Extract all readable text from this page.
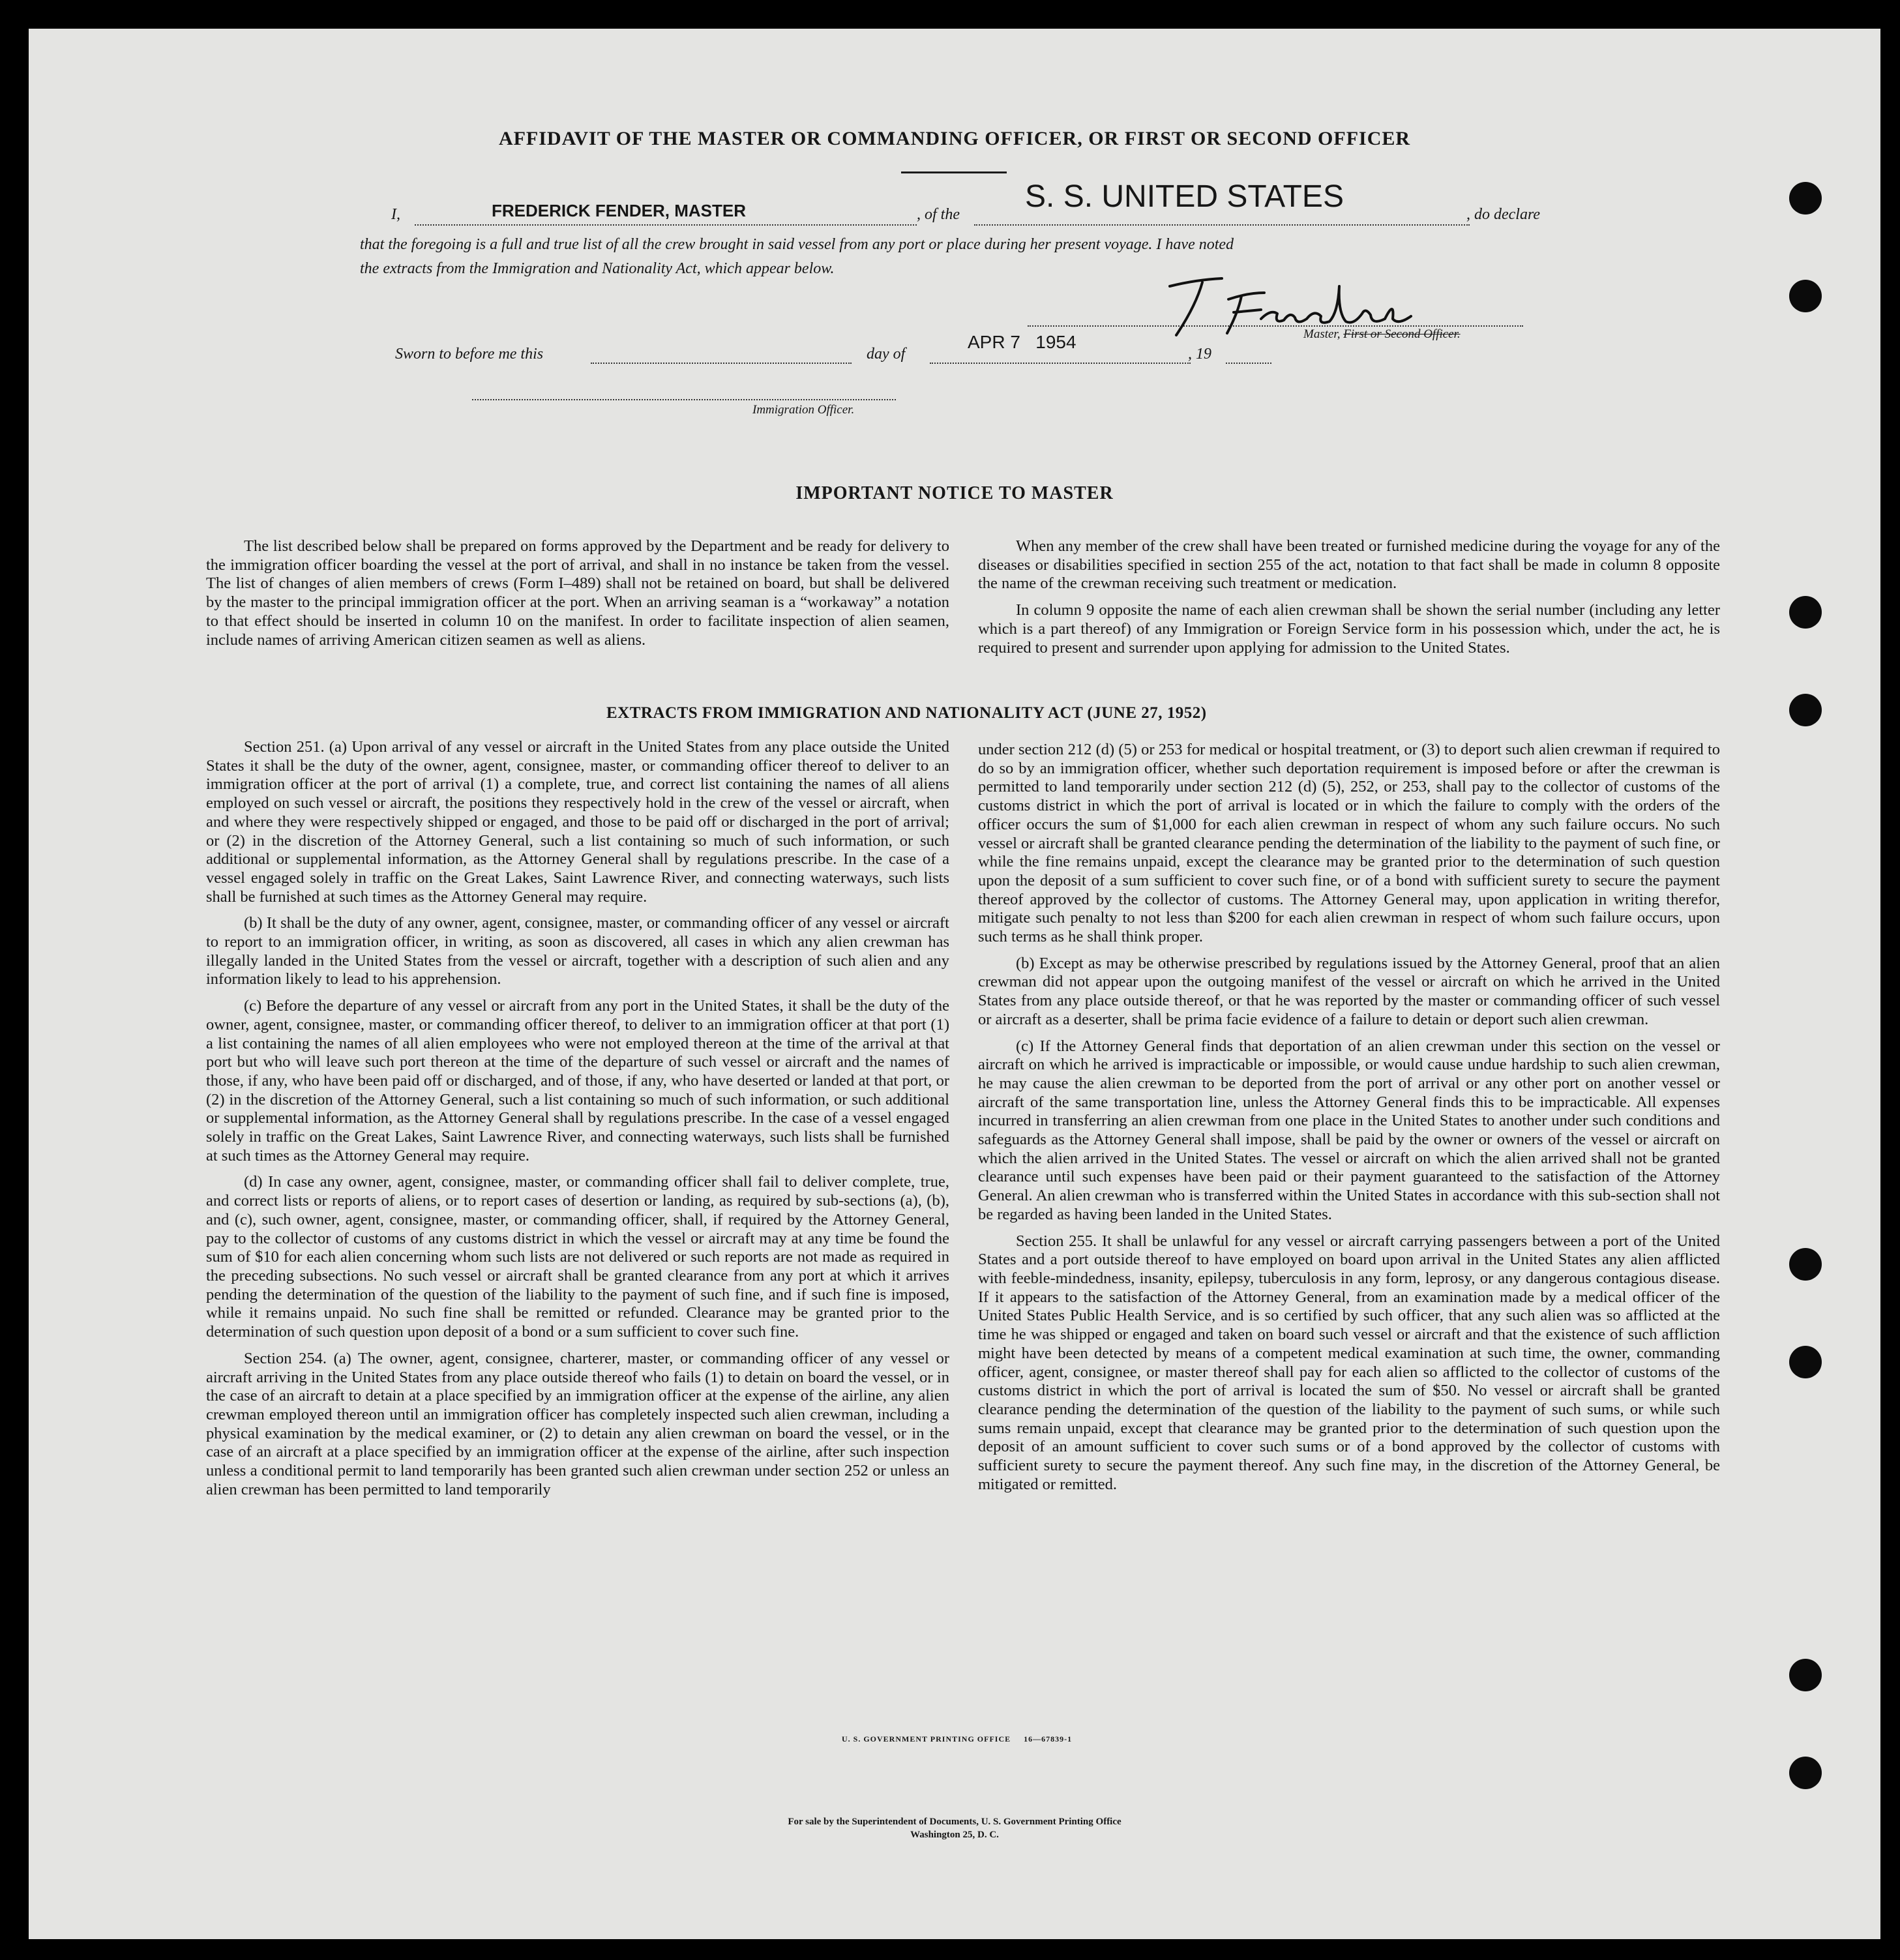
AFFIDAVIT OF THE MASTER OR COMMANDING OFFICER, OR FIRST OR SECOND OFFICER
I,	FREDERICK FENDER, MASTER	, of the
S. S. UNITED STATES
, do declare
that the foregoing is a full and true list of all the crew brought in said vessel from any port or place during her present voyage. I have noted
the extracts from the Immigration and Nationality Act, which appear below.
Master, First or Second Officer.
Sworn to before me this	day of
APR 7   1954
, 19
Immigration Officer.
IMPORTANT NOTICE TO MASTER

The list described below shall be prepared on forms approved by the Department and be ready for delivery to the immigration officer boarding the vessel at the port of arrival, and shall in no instance be taken from the vessel. The list of changes of alien members of crews (Form I–489) shall not be retained on board, but shall be delivered by the master to the principal immigration officer at the port. When an arriving seaman is a “workaway” a notation to that effect should be inserted in column 10 on the manifest. In order to facilitate inspection of alien seamen, include names of arriving American citizen seamen as well as aliens.

When any member of the crew shall have been treated or furnished medicine during the voyage for any of the diseases or disabilities specified in section 255 of the act, notation to that fact shall be made in column 8 opposite the name of the crewman receiving such treatment or medication.

In column 9 opposite the name of each alien crewman shall be shown the serial number (including any letter which is a part thereof) of any Immigration or Foreign Service form in his possession which, under the act, he is required to present and surrender upon applying for admission to the United States.

EXTRACTS FROM IMMIGRATION AND NATIONALITY ACT (JUNE 27, 1952)

Section 251. (a) Upon arrival of any vessel or aircraft in the United States from any place outside the United States it shall be the duty of the owner, agent, consignee, master, or commanding officer thereof to deliver to an immigration officer at the port of arrival (1) a complete, true, and correct list containing the names of all aliens employed on such vessel or aircraft, the positions they respectively hold in the crew of the vessel or aircraft, when and where they were respectively shipped or engaged, and those to be paid off or discharged in the port of arrival; or (2) in the discretion of the Attorney General, such a list containing so much of such information, or such additional or supplemental information, as the Attorney General shall by regulations prescribe. In the case of a vessel engaged solely in traffic on the Great Lakes, Saint Lawrence River, and connecting waterways, such lists shall be furnished at such times as the Attorney General may require.

(b) It shall be the duty of any owner, agent, consignee, master, or commanding officer of any vessel or aircraft to report to an immigration officer, in writing, as soon as discovered, all cases in which any alien crewman has illegally landed in the United States from the vessel or aircraft, together with a description of such alien and any information likely to lead to his apprehension.

(c) Before the departure of any vessel or aircraft from any port in the United States, it shall be the duty of the owner, agent, consignee, master, or commanding officer thereof, to deliver to an immigration officer at that port (1) a list containing the names of all alien employees who were not employed thereon at the time of the arrival at that port but who will leave such port thereon at the time of the departure of such vessel or aircraft and the names of those, if any, who have been paid off or discharged, and of those, if any, who have deserted or landed at that port, or (2) in the discretion of the Attorney General, such a list containing so much of such information, or such additional or supplemental information, as the Attorney General shall by regulations prescribe. In the case of a vessel engaged solely in traffic on the Great Lakes, Saint Lawrence River, and connecting waterways, such lists shall be furnished at such times as the Attorney General may require.

(d) In case any owner, agent, consignee, master, or commanding officer shall fail to deliver complete, true, and correct lists or reports of aliens, or to report cases of desertion or landing, as required by sub-sections (a), (b), and (c), such owner, agent, consignee, master, or commanding officer, shall, if required by the Attorney General, pay to the collector of customs of any customs district in which the vessel or aircraft may at any time be found the sum of $10 for each alien concerning whom such lists are not delivered or such reports are not made as required in the preceding subsections. No such vessel or aircraft shall be granted clearance from any port at which it arrives pending the determination of the question of the liability to the payment of such fine, and if such fine is imposed, while it remains unpaid. No such fine shall be remitted or refunded. Clearance may be granted prior to the determination of such question upon deposit of a bond or a sum sufficient to cover such fine.

Section 254. (a) The owner, agent, consignee, charterer, master, or commanding officer of any vessel or aircraft arriving in the United States from any place outside thereof who fails (1) to detain on board the vessel, or in the case of an aircraft to detain at a place specified by an immigration officer at the expense of the airline, any alien crewman employed thereon until an immigration officer has completely inspected such alien crewman, including a physical examination by the medical examiner, or (2) to detain any alien crewman on board the vessel, or in the case of an aircraft at a place specified by an immigration officer at the expense of the airline, after such inspection unless a conditional permit to land temporarily has been granted such alien crewman under section 252 or unless an alien crewman has been permitted to land temporarily

under section 212 (d) (5) or 253 for medical or hospital treatment, or (3) to deport such alien crewman if required to do so by an immigration officer, whether such deportation requirement is imposed before or after the crewman is permitted to land temporarily under section 212 (d) (5), 252, or 253, shall pay to the collector of customs of the customs district in which the port of arrival is located or in which the failure to comply with the orders of the officer occurs the sum of $1,000 for each alien crewman in respect of whom any such failure occurs. No such vessel or aircraft shall be granted clearance pending the determination of the liability to the payment of such fine, or while the fine remains unpaid, except the clearance may be granted prior to the determination of such question upon the deposit of a sum sufficient to cover such fine, or of a bond with sufficient surety to secure the payment thereof approved by the collector of customs. The Attorney General may, upon application in writing therefor, mitigate such penalty to not less than $200 for each alien crewman in respect of whom such failure occurs, upon such terms as he shall think proper.

(b) Except as may be otherwise prescribed by regulations issued by the Attorney General, proof that an alien crewman did not appear upon the outgoing manifest of the vessel or aircraft on which he arrived in the United States from any place outside thereof, or that he was reported by the master or commanding officer of such vessel or aircraft as a deserter, shall be prima facie evidence of a failure to detain or deport such alien crewman.

(c) If the Attorney General finds that deportation of an alien crewman under this section on the vessel or aircraft on which he arrived is impracticable or impossible, or would cause undue hardship to such alien crewman, he may cause the alien crewman to be deported from the port of arrival or any other port on another vessel or aircraft of the same transportation line, unless the Attorney General finds this to be impracticable. All expenses incurred in transferring an alien crewman from one place in the United States to another under such conditions and safeguards as the Attorney General shall impose, shall be paid by the owner or owners of the vessel or aircraft on which the alien arrived in the United States. The vessel or aircraft on which the alien arrived shall not be granted clearance until such expenses have been paid or their payment guaranteed to the satisfaction of the Attorney General. An alien crewman who is transferred within the United States in accordance with this sub-section shall not be regarded as having been landed in the United States.

Section 255. It shall be unlawful for any vessel or aircraft carrying passengers between a port of the United States and a port outside thereof to have employed on board upon arrival in the United States any alien afflicted with feeble-mindedness, insanity, epilepsy, tuberculosis in any form, leprosy, or any dangerous contagious disease. If it appears to the satisfaction of the Attorney General, from an examination made by a medical officer of the United States Public Health Service, and is so certified by such officer, that any such alien was so afflicted at the time he was shipped or engaged and taken on board such vessel or aircraft and that the existence of such affliction might have been detected by means of a competent medical examination at such time, the owner, commanding officer, agent, consignee, or master thereof shall pay for each alien so afflicted to the collector of customs of the customs district in which the port of arrival is located the sum of $50. No vessel or aircraft shall be granted clearance pending the determination of the question of the liability to the payment of such sums, or while such sums remain unpaid, except that clearance may be granted prior to the determination of such question upon the deposit of an amount sufficient to cover such sums or of a bond approved by the collector of customs with sufficient surety to secure the payment thereof. Any such fine may, in the discretion of the Attorney General, be mitigated or remitted.

U. S. GOVERNMENT PRINTING OFFICE     16—67839-1
For sale by the Superintendent of Documents, U. S. Government Printing Office
Washington 25, D. C.
